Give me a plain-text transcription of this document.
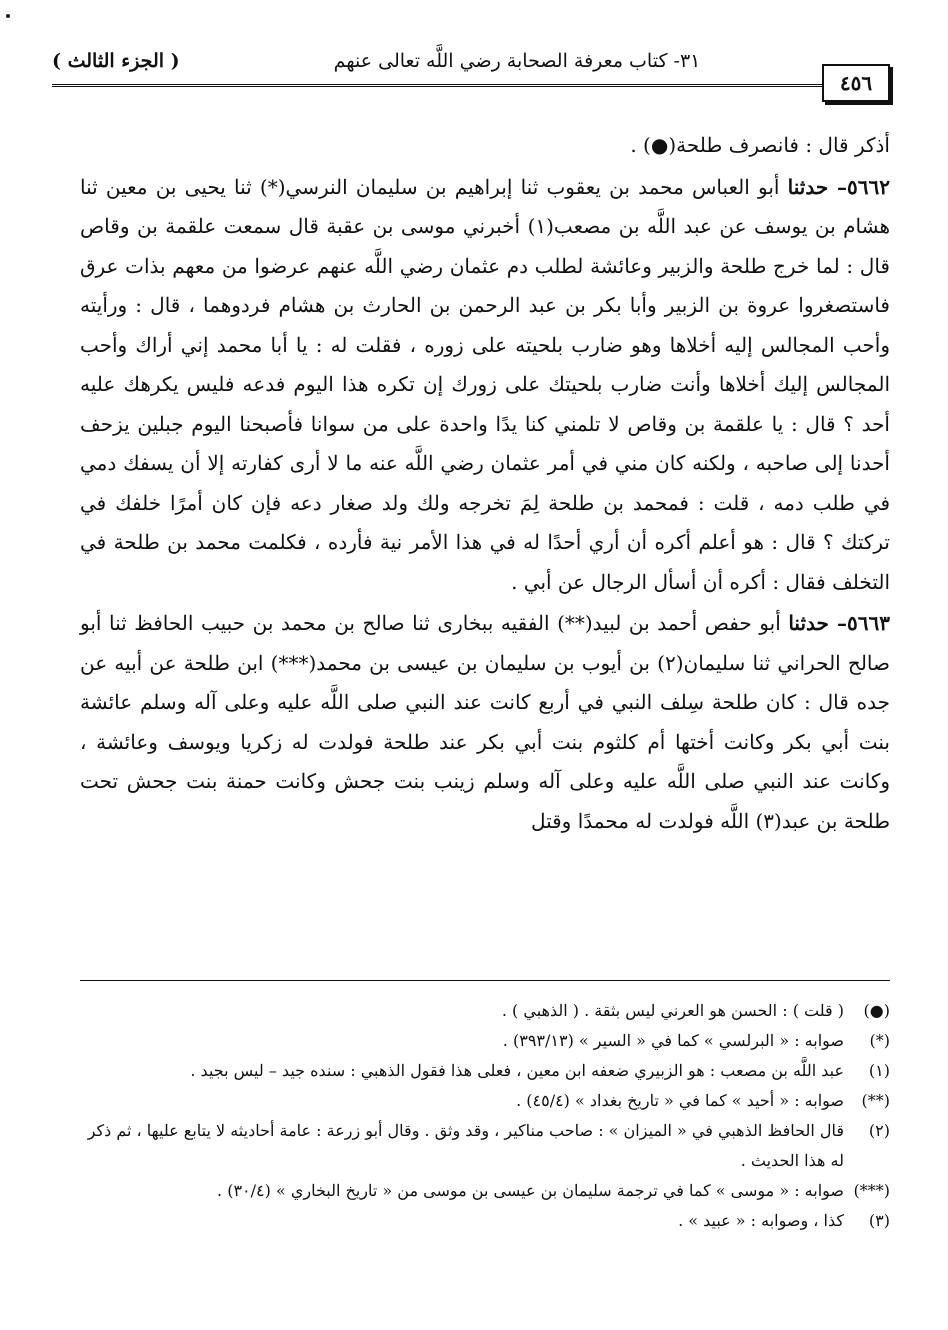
( الجزء الثالث )	٣١- كتاب معرفة الصحابة رضي اللَّه تعالى عنهم
٤٥٦

أذكر قال : فانصرف طلحة(●) .

٥٦٦٢– حدثنا أبو العباس محمد بن يعقوب ثنا إبراهيم بن سليمان النرسي(*) ثنا يحيى بن معين ثنا هشام بن يوسف عن عبد اللَّه بن مصعب(١) أخبرني موسى بن عقبة قال سمعت علقمة بن وقاص قال : لما خرج طلحة والزبير وعائشة لطلب دم عثمان رضي اللَّه عنهم عرضوا من معهم بذات عرق فاستصغروا عروة بن الزبير وأبا بكر بن عبد الرحمن بن الحارث بن هشام فردوهما ، قال : ورأيته وأحب المجالس إليه أخلاها وهو ضارب بلحيته على زوره ، فقلت له : يا أبا محمد إني أراك وأحب المجالس إليك أخلاها وأنت ضارب بلحيتك على زورك إن تكره هذا اليوم فدعه فليس يكرهك عليه أحد ؟ قال : يا علقمة بن وقاص لا تلمني كنا يدًا واحدة على من سوانا فأصبحنا اليوم جبلين يزحف أحدنا إلى صاحبه ، ولكنه كان مني في أمر عثمان رضي اللَّه عنه ما لا أرى كفارته إلا أن يسفك دمي في طلب دمه ، قلت : فمحمد بن طلحة لِمَ تخرجه ولك ولد صغار دعه فإن كان أمرًا خلفك في تركتك ؟ قال : هو أعلم أكره أن أري أحدًا له في هذا الأمر نية فأرده ، فكلمت محمد بن طلحة في التخلف فقال : أكره أن أسأل الرجال عن أبي .

٥٦٦٣– حدثنا أبو حفص أحمد بن لبيد(**) الفقيه ببخارى ثنا صالح بن محمد بن حبيب الحافظ ثنا أبو صالح الحراني ثنا سليمان(٢) بن أيوب بن سليمان بن عيسى بن محمد(***) ابن طلحة عن أبيه عن جده قال : كان طلحة سِلف النبي في أربع كانت عند النبي صلى اللَّه عليه وعلى آله وسلم عائشة بنت أبي بكر وكانت أختها أم كلثوم بنت أبي بكر عند طلحة فولدت له زكريا ويوسف وعائشة ، وكانت عند النبي صلى اللَّه عليه وعلى آله وسلم زينب بنت جحش وكانت حمنة بنت جحش تحت طلحة بن عبد(٣) اللَّه فولدت له محمدًا وقتل

(●)
( قلت ) : الحسن هو العرني ليس بثقة . ( الذهبي ) .
(*)
صوابه : « البرلسي » كما في « السير » (٣٩٣/١٣) .
(١)
عبد اللَّه بن مصعب : هو الزبيري ضعفه ابن معين ، فعلى هذا فقول الذهبي : سنده جيد – ليس بجيد .
(**)
صوابه : « أحيد » كما في « تاريخ بغداد » (٤٥/٤) .
(٢)
قال الحافظ الذهبي في « الميزان » : صاحب مناكير ، وقد وثق . وقال أبو زرعة : عامة أحاديثه لا يتابع عليها ، ثم ذكر له هذا الحديث .
(***)
صوابه : « موسى » كما في ترجمة سليمان بن عيسى بن موسى من « تاريخ البخاري » (٣٠/٤) .
(٣)
كذا ، وصوابه : « عبيد » .
